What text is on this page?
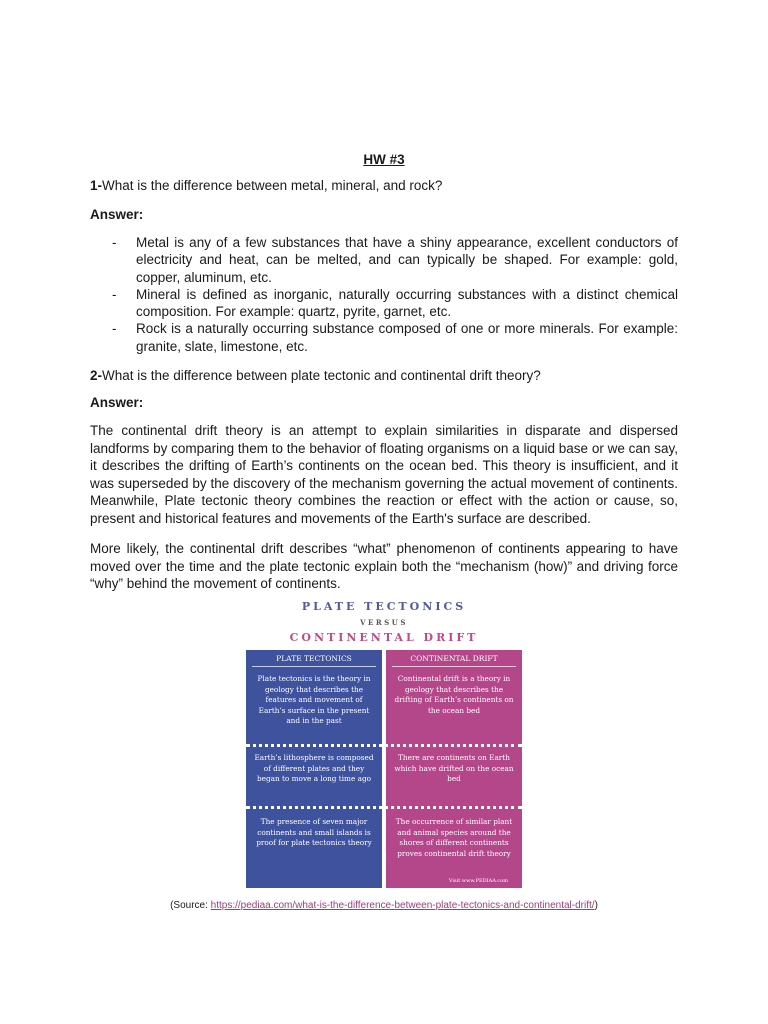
HW #3
1-What is the difference between metal, mineral, and rock?
Answer:
- Metal is any of a few substances that have a shiny appearance, excellent conductors of electricity and heat, can be melted, and can typically be shaped. For example: gold, copper, aluminum, etc.
- Mineral is defined as inorganic, naturally occurring substances with a distinct chemical composition. For example: quartz, pyrite, garnet, etc.
- Rock is a naturally occurring substance composed of one or more minerals. For example: granite, slate, limestone, etc.
2-What is the difference between plate tectonic and continental drift theory?
Answer:

The continental drift theory is an attempt to explain similarities in disparate and dispersed landforms by comparing them to the behavior of floating organisms on a liquid base or we can say, it describes the drifting of Earth’s continents on the ocean bed. This theory is insufficient, and it was superseded by the discovery of the mechanism governing the actual movement of continents. Meanwhile, Plate tectonic theory combines the reaction or effect with the action or cause, so, present and historical features and movements of the Earth's surface are described.

More likely, the continental drift describes “what” phenomenon of continents appearing to have moved over the time and the plate tectonic explain both the “mechanism (how)” and driving force “why” behind the movement of continents.

PLATE TECTONICS
VERSUS
CONTINENTAL DRIFT
PLATE TECTONICS
Plate tectonics is the theory in geology that describes the features and movement of Earth’s surface in the present and in the past
Earth’s lithosphere is composed of different plates and they began to move a long time ago
The presence of seven major continents and small islands is proof for plate tectonics theory
CONTINENTAL DRIFT
Continental drift is a theory in geology that describes the drifting of Earth’s continents on the ocean bed
There are continents on Earth which have drifted on the ocean bed
The occurrence of similar plant and animal species around the shores of different continents proves continental drift theory
Visit www.PEDIAA.com
(Source: https://pediaa.com/what-is-the-difference-between-plate-tectonics-and-continental-drift/)
